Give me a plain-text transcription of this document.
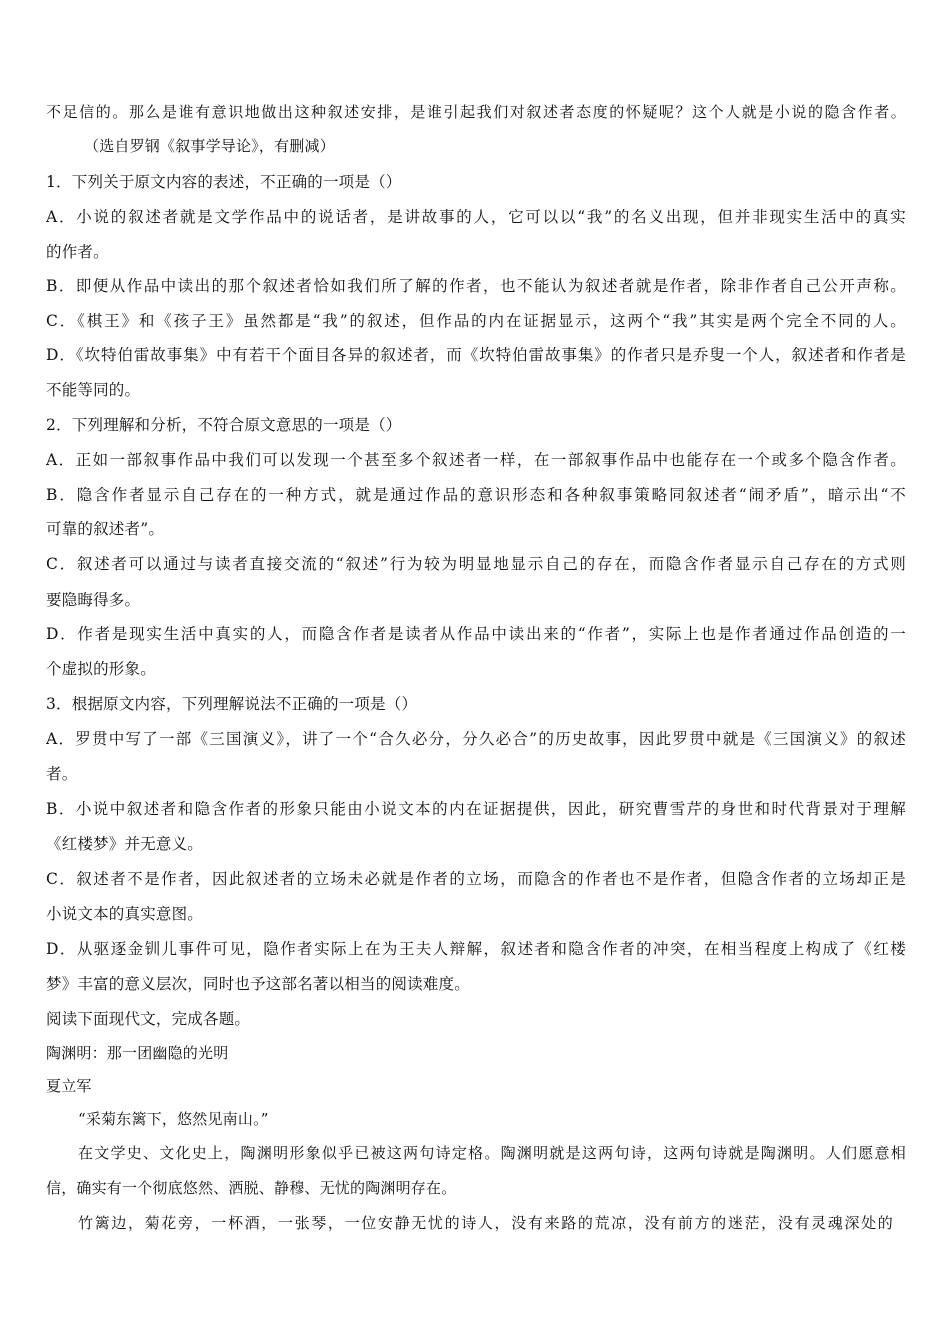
不足信的。那么是谁有意识地做出这种叙述安排，是谁引起我们对叙述者态度的怀疑呢？这个人就是小说的隐含作者。
（选自罗钢《叙事学导论》，有删减）
1．下列关于原文内容的表述，不正确的一项是（）
A．小说的叙述者就是文学作品中的说话者，是讲故事的人，它可以以“我”的名义出现，但并非现实生活中的真实
的作者。
B．即便从作品中读出的那个叙述者恰如我们所了解的作者，也不能认为叙述者就是作者，除非作者自己公开声称。
C．《棋王》和《孩子王》虽然都是“我”的叙述，但作品的内在证据显示，这两个“我”其实是两个完全不同的人。
D．《坎特伯雷故事集》中有若干个面目各异的叙述者，而《坎特伯雷故事集》的作者只是乔叟一个人，叙述者和作者是
不能等同的。
2．下列理解和分析，不符合原文意思的一项是（）
A．正如一部叙事作品中我们可以发现一个甚至多个叙述者一样，在一部叙事作品中也能存在一个或多个隐含作者。
B．隐含作者显示自己存在的一种方式，就是通过作品的意识形态和各种叙事策略同叙述者“闹矛盾”，暗示出“不
可靠的叙述者”。
C．叙述者可以通过与读者直接交流的“叙述”行为较为明显地显示自己的存在，而隐含作者显示自己存在的方式则
要隐晦得多。
D．作者是现实生活中真实的人，而隐含作者是读者从作品中读出来的“作者”，实际上也是作者通过作品创造的一
个虚拟的形象。
3．根据原文内容，下列理解说法不正确的一项是（）
A．罗贯中写了一部《三国演义》，讲了一个“合久必分，分久必合”的历史故事，因此罗贯中就是《三国演义》的叙述
者。
B．小说中叙述者和隐含作者的形象只能由小说文本的内在证据提供，因此，研究曹雪芹的身世和时代背景对于理解
《红楼梦》并无意义。
C．叙述者不是作者，因此叙述者的立场未必就是作者的立场，而隐含的作者也不是作者，但隐含作者的立场却正是
小说文本的真实意图。
D．从驱逐金钏儿事件可见，隐作者实际上在为王夫人辩解，叙述者和隐含作者的冲突，在相当程度上构成了《红楼
梦》丰富的意义层次，同时也予这部名著以相当的阅读难度。
阅读下面现代文，完成各题。
陶渊明：那一团幽隐的光明
夏立军
“采菊东篱下，悠然见南山。”
在文学史、文化史上，陶渊明形象似乎已被这两句诗定格。陶渊明就是这两句诗，这两句诗就是陶渊明。人们愿意相
信，确实有一个彻底悠然、洒脱、静穆、无忧的陶渊明存在。
竹篱边，菊花旁，一杯酒，一张琴，一位安静无忧的诗人，没有来路的荒凉，没有前方的迷茫，没有灵魂深处的
